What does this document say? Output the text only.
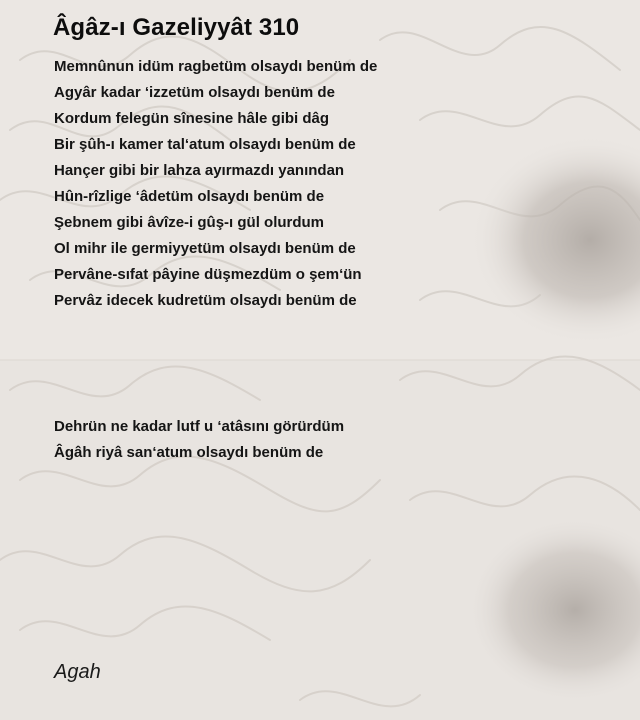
Âgâz-ı Gazeliyyât 310
Memnûnun idüm ragbetüm olsaydı benüm de
Agyâr kadar ‘izzetüm olsaydı benüm de
Kordum felegün sînesine hâle gibi dâg
Bir şûh-ı kamer tal‘atum olsaydı benüm de
Hançer gibi bir lahza ayırmazdı yanından
Hûn-rîzlige ‘âdetüm olsaydı benüm de
Şebnem gibi âvîze-i gûş-ı gül olurdum
Ol mihr ile germiyyetüm olsaydı benüm de
Pervâne-sıfat pâyine düşmezdüm o şem‘ün
Pervâz idecek kudretüm olsaydı benüm de
Dehrün ne kadar lutf u ‘atâsını görürdüm
Âgâh riyâ san‘atum olsaydı benüm de
Agah
